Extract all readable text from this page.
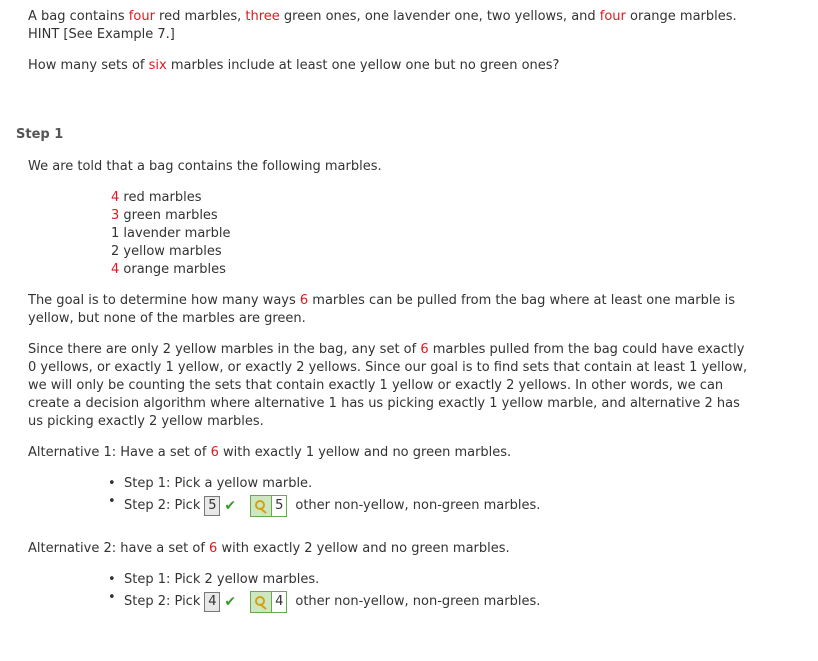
A bag contains four red marbles, three green ones, one lavender one, two yellows, and four orange marbles.
HINT [See Example 7.]
How many sets of six marbles include at least one yellow one but no green ones?
Step 1
We are told that a bag contains the following marbles.
4 red marbles
3 green marbles
1 lavender marble
2 yellow marbles
4 orange marbles
The goal is to determine how many ways 6 marbles can be pulled from the bag where at least one marble is
yellow, but none of the marbles are green.
Since there are only 2 yellow marbles in the bag, any set of 6 marbles pulled from the bag could have exactly
0 yellows, or exactly 1 yellow, or exactly 2 yellows. Since our goal is to find sets that contain at least 1 yellow,
we will only be counting the sets that contain exactly 1 yellow or exactly 2 yellows. In other words, we can
create a decision algorithm where alternative 1 has us picking exactly 1 yellow marble, and alternative 2 has
us picking exactly 2 yellow marbles.
Alternative 1: Have a set of 6 with exactly 1 yellow and no green marbles.
• Step 1: Pick a yellow marble.
• Step 2: Pick 5 ✔	5 other non-yellow, non-green marbles.
Alternative 2: have a set of 6 with exactly 2 yellow and no green marbles.
• Step 1: Pick 2 yellow marbles.
• Step 2: Pick 4 ✔	4 other non-yellow, non-green marbles.
